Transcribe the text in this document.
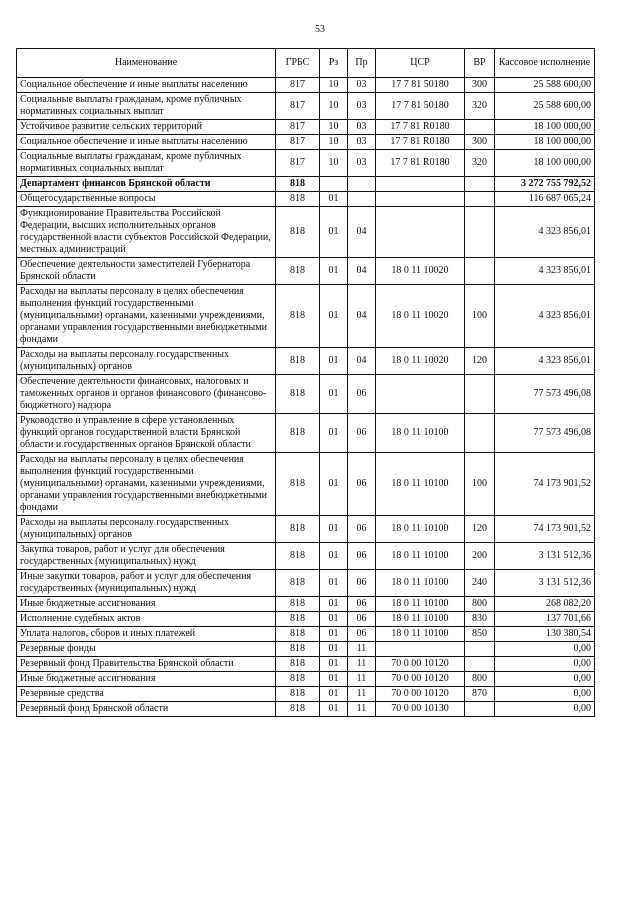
53
Наименование	ГРБС	Рз	Пр	ЦСР	ВР	Кассовое исполнение
Социальное обеспечение и иные выплаты населению	817	10	03	17 7 81 50180	300	25 588 600,00
Социальные выплаты гражданам, кроме публичных нормативных социальных выплат	817	10	03	17 7 81 50180	320	25 588 600,00
Устойчивое развитие сельских территорий	817	10	03	17 7 81 R0180		18 100 000,00
Социальное обеспечение и иные выплаты населению	817	10	03	17 7 81 R0180	300	18 100 000,00
Социальные выплаты гражданам, кроме публичных нормативных социальных выплат	817	10	03	17 7 81 R0180	320	18 100 000,00
Департамент финансов Брянской области	818					3 272 755 792,52
Общегосударственные вопросы	818	01				116 687 065,24
Функционирование Правительства Российской Федерации, высших исполнительных органов государственной власти субъектов Российской Федерации, местных администраций	818	01	04			4 323 856,01
Обеспечение деятельности заместителей Губернатора Брянской области	818	01	04	18 0 11 10020		4 323 856,01
Расходы на выплаты персоналу в целях обеспечения выполнения функций государственными (муниципальными) органами, казенными учреждениями, органами управления государственными внебюджетными фондами	818	01	04	18 0 11 10020	100	4 323 856,01
Расходы на выплаты персоналу государственных (муниципальных) органов	818	01	04	18 0 11 10020	120	4 323 856,01
Обеспечение деятельности финансовых, налоговых и таможенных органов и органов финансового (финансово-бюджетного) надзора	818	01	06			77 573 496,08
Руководство и управление в сфере установленных функций органов государственной власти Брянской области и государственных органов Брянской области	818	01	06	18 0 11 10100		77 573 496,08
Расходы на выплаты персоналу в целях обеспечения выполнения функций государственными (муниципальными) органами, казенными учреждениями, органами управления государственными внебюджетными фондами	818	01	06	18 0 11 10100	100	74 173 901,52
Расходы на выплаты персоналу государственных (муниципальных) органов	818	01	06	18 0 11 10100	120	74 173 901,52
Закупка товаров, работ и услуг для обеспечения государственных (муниципальных) нужд	818	01	06	18 0 11 10100	200	3 131 512,36
Иные закупки товаров, работ и услуг для обеспечения государственных (муниципальных) нужд	818	01	06	18 0 11 10100	240	3 131 512,36
Иные бюджетные ассигнования	818	01	06	18 0 11 10100	800	268 082,20
Исполнение судебных актов	818	01	06	18 0 11 10100	830	137 701,66
Уплата налогов, сборов и иных платежей	818	01	06	18 0 11 10100	850	130 380,54
Резервные фонды	818	01	11			0,00
Резервный фонд Правительства Брянской области	818	01	11	70 0 00 10120		0,00
Иные бюджетные ассигнования	818	01	11	70 0 00 10120	800	0,00
Резервные средства	818	01	11	70 0 00 10120	870	0,00
Резервный фонд Брянской области	818	01	11	70 0 00 10130		0,00
